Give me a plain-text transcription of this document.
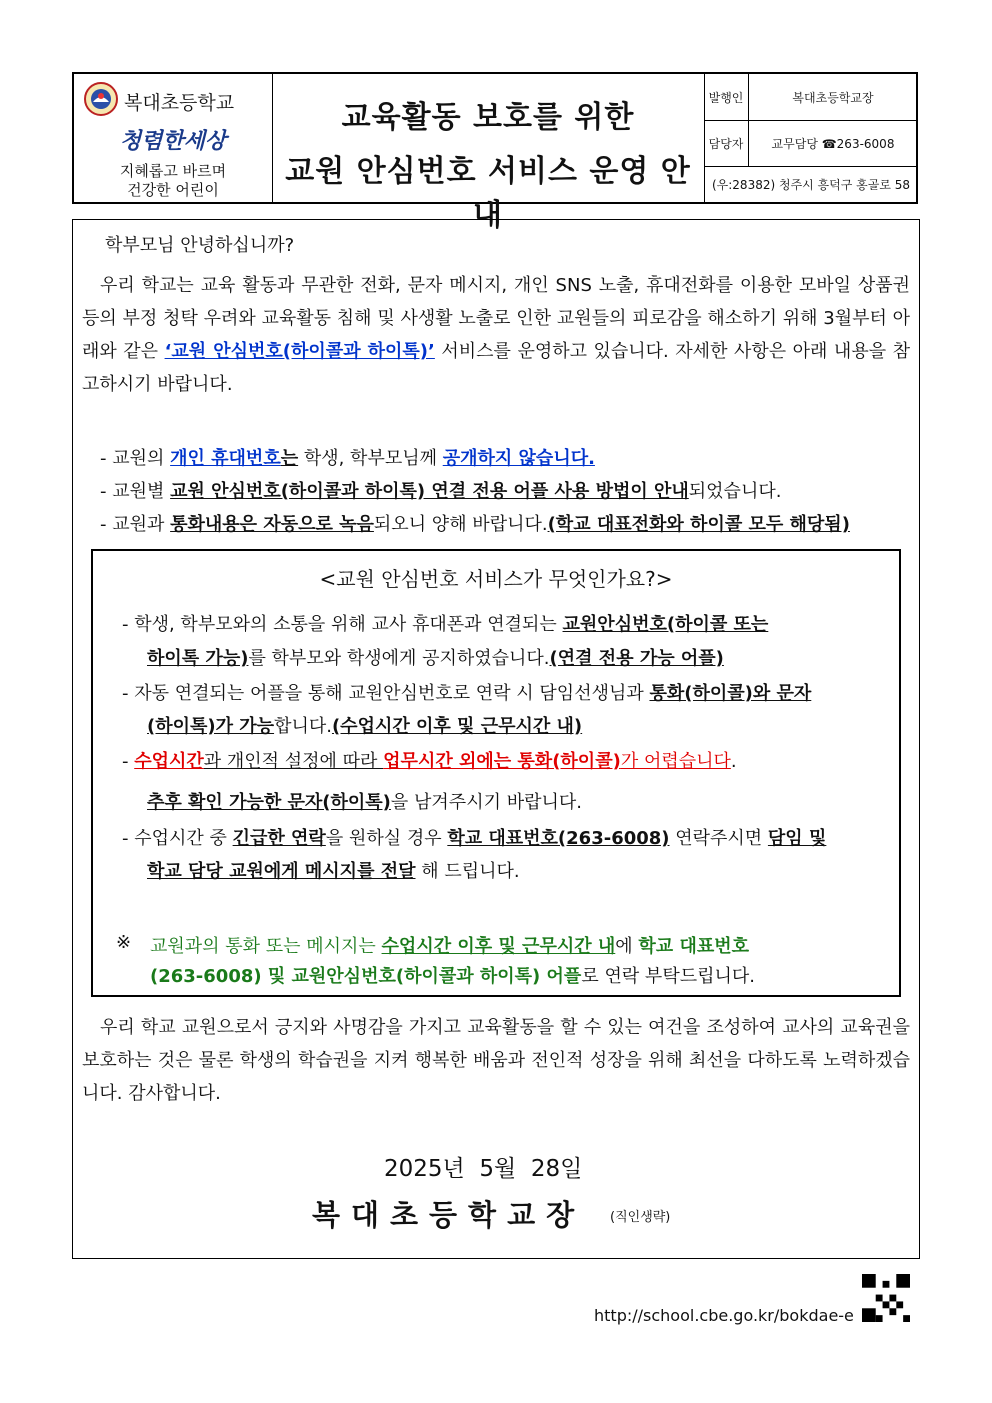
복대초등학교
청렴한세상
지혜롭고 바르며
건강한 어린이
교육활동 보호를 위한
교원 안심번호 서비스 운영 안내
발행인	복대초등학교장
담당자	교무담당 ☎263-6008
(우:28382) 청주시 흥덕구 홍골로 58
학부모님 안녕하십니까?
우리 학교는 교육 활동과 무관한 전화, 문자 메시지, 개인 SNS 노출, 휴대전화를 이용한 모바일 상품권 등의 부정 청탁 우려와 교육활동 침해 및 사생활 노출로 인한 교원들의 피로감을 해소하기 위해 3월부터 아래와 같은 ‘교원 안심번호(하이콜과 하이톡)’ 서비스를 운영하고 있습니다. 자세한 사항은 아래 내용을 참고하시기 바랍니다.
- 교원의 개인 휴대번호는 학생, 학부모님께 공개하지 않습니다.
- 교원별 교원 안심번호(하이콜과 하이톡) 연결 전용 어플 사용 방법이 안내되었습니다.
- 교원과 통화내용은 자동으로 녹음되오니 양해 바랍니다.(학교 대표전화와 하이콜 모두 해당됨)
<교원 안심번호 서비스가 무엇인가요?>
- 학생, 학부모와의 소통을 위해 교사 휴대폰과 연결되는 교원안심번호(하이콜 또는
하이톡 가능)를 학부모와 학생에게 공지하였습니다.(연결 전용 가능 어플)
- 자동 연결되는 어플을 통해 교원안심번호로 연락 시 담임선생님과 통화(하이콜)와 문자
(하이톡)가 가능합니다.(수업시간 이후 및 근무시간 내)
- 수업시간과 개인적 설정에 따라 업무시간 외에는 통화(하이콜)가 어렵습니다.
추후 확인 가능한 문자(하이톡)을 남겨주시기 바랍니다.
- 수업시간 중 긴급한 연락을 원하실 경우 학교 대표번호(263-6008) 연락주시면 담임 및
학교 담당 교원에게 메시지를 전달 해 드립니다.
※ 교원과의 통화 또는 메시지는 수업시간 이후 및 근무시간 내에 학교 대표번호
(263-6008) 및 교원안심번호(하이콜과 하이톡) 어플로 연락 부탁드립니다.
우리 학교 교원으로서 긍지와 사명감을 가지고 교육활동을 할 수 있는 여건을 조성하여 교사의 교육권을 보호하는 것은 물론 학생의 학습권을 지켜 행복한 배움과 전인적 성장을 위해 최선을 다하도록 노력하겠습니다. 감사합니다.
2025년  5월  28일
복대초등학교장 (직인생략)
http://school.cbe.go.kr/bokdae-e
